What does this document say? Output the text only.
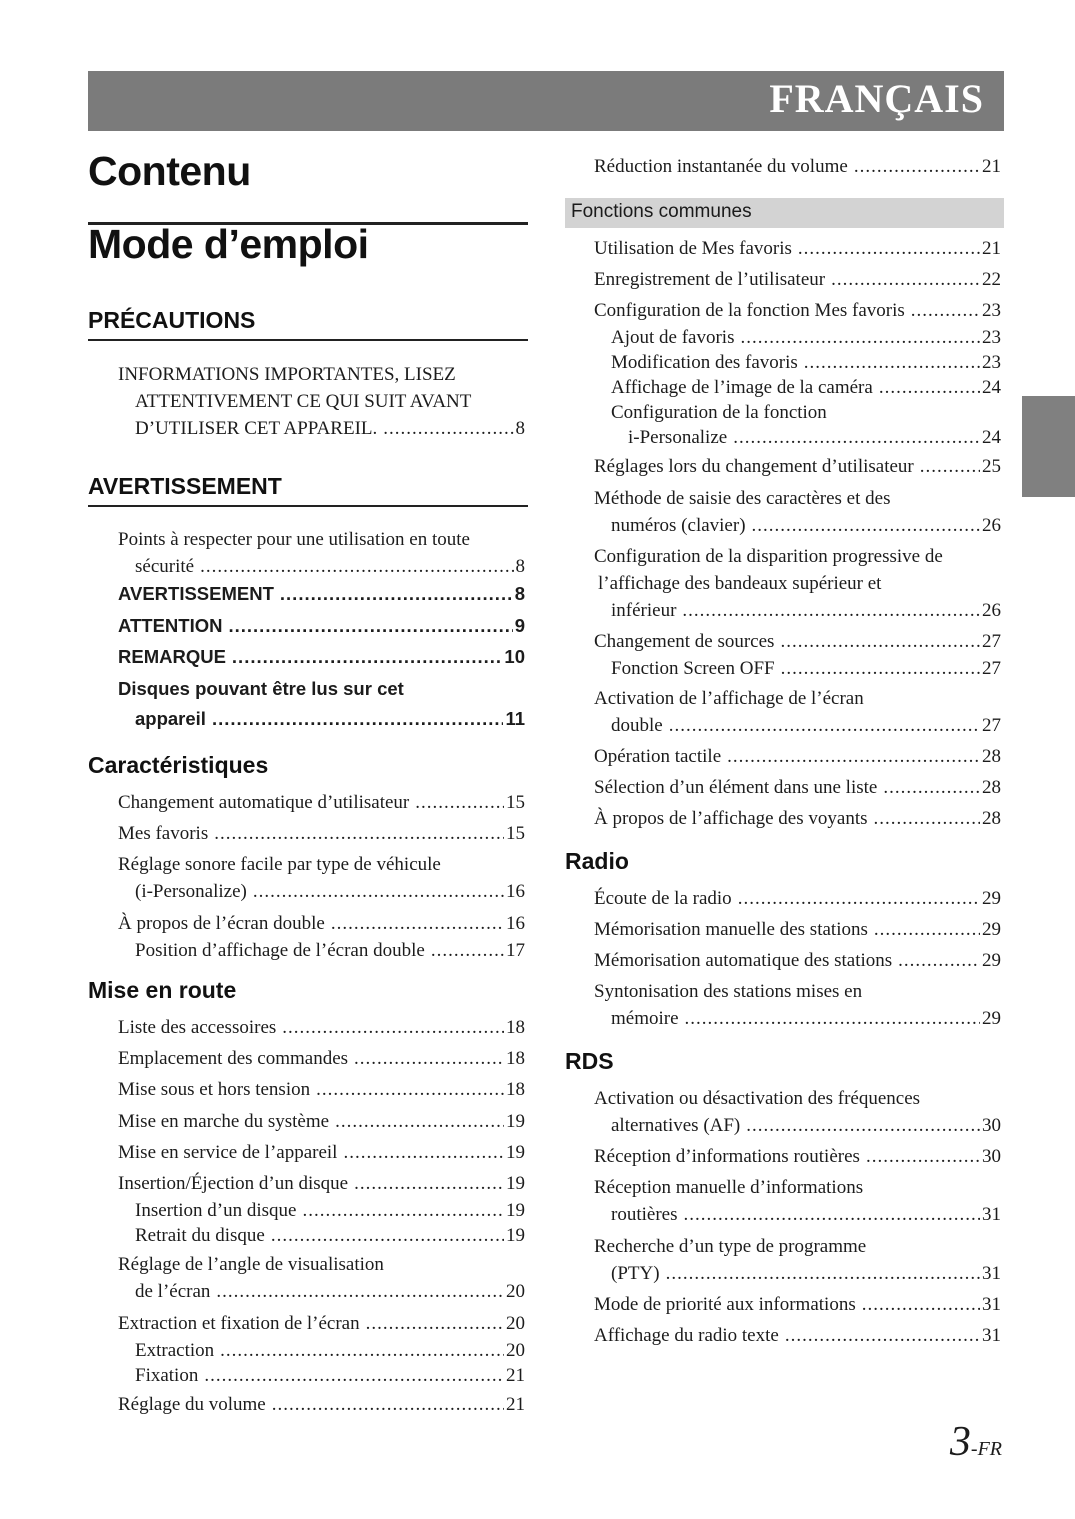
FRANÇAIS
Contenu
Mode d’emploi
PRÉCAUTIONS
INFORMATIONS IMPORTANTES, LISEZ
ATTENTIVEMENT CE QUI SUIT AVANT
D’UTILISER CET APPAREIL. .....	8
AVERTISSEMENT
Points à respecter pour une utilisation en toute
sécurité .....	8
AVERTISSEMENT .....	8
ATTENTION .....	9
REMARQUE .....	10
Disques pouvant être lus sur cet
appareil .....	11
Caractéristiques
Changement automatique d’utilisateur .....	15
Mes favoris .....	15
Réglage sonore facile par type de véhicule
(i-Personalize) .....	16
À propos de l’écran double .....	16
Position d’affichage de l’écran double .....	17
Mise en route
Liste des accessoires .....	18
Emplacement des commandes .....	18
Mise sous et hors tension .....	18
Mise en marche du système .....	19
Mise en service de l’appareil .....	19
Insertion/Éjection d’un disque .....	19
Insertion d’un disque .....	19
Retrait du disque .....	19
Réglage de l’angle de visualisation
de l’écran .....	20
Extraction et fixation de l’écran .....	20
Extraction .....	20
Fixation .....	21
Réglage du volume .....	21
Réduction instantanée du volume .....	21
Fonctions communes
Utilisation de Mes favoris .....	21
Enregistrement de l’utilisateur .....	22
Configuration de la fonction Mes favoris .....	23
Ajout de favoris .....	23
Modification des favoris .....	23
Affichage de l’image de la caméra .....	24
Configuration de la fonction
i-Personalize .....	24
Réglages lors du changement d’utilisateur .....	25
Méthode de saisie des caractères et des
numéros (clavier) .....	26
Configuration de la disparition progressive de
l’affichage des bandeaux supérieur et
inférieur .....	26
Changement de sources .....	27
Fonction Screen OFF .....	27
Activation de l’affichage de l’écran
double .....	27
Opération tactile .....	28
Sélection d’un élément dans une liste .....	28
À propos de l’affichage des voyants .....	28
Radio
Écoute de la radio .....	29
Mémorisation manuelle des stations .....	29
Mémorisation automatique des stations .....	29
Syntonisation des stations mises en
mémoire .....	29
RDS
Activation ou désactivation des fréquences
alternatives (AF) .....	30
Réception d’informations routières .....	30
Réception manuelle d’informations
routières .....	31
Recherche d’un type de programme
(PTY) .....	31
Mode de priorité aux informations .....	31
Affichage du radio texte .....	31
3-FR
